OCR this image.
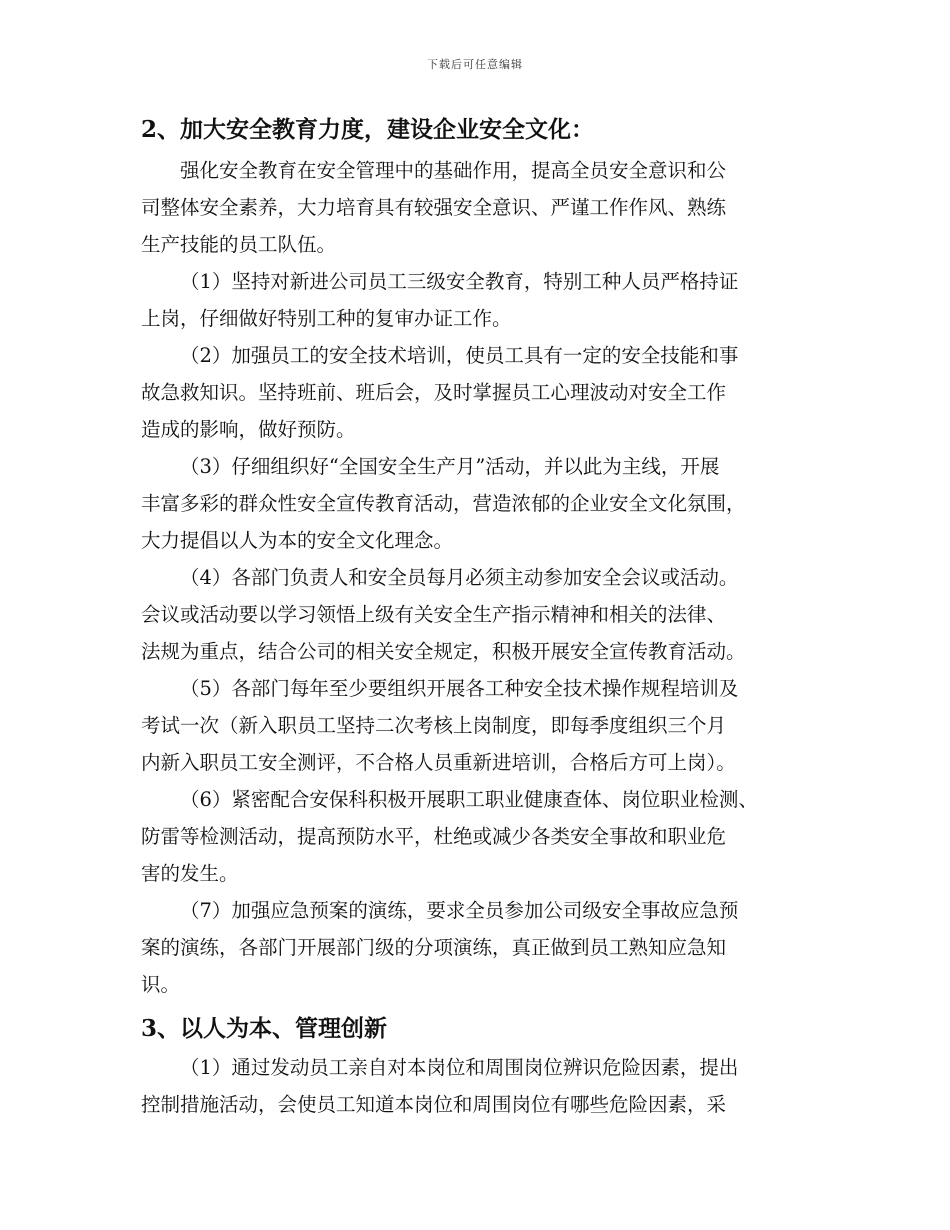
下载后可任意编辑
2、加大安全教育力度，建设企业安全文化：

强化安全教育在安全管理中的基础作用，提高全员安全意识和公
司整体安全素养，大力培育具有较强安全意识、严谨工作作风、熟练
生产技能的员工队伍。

（1）坚持对新进公司员工三级安全教育，特别工种人员严格持证
上岗，仔细做好特别工种的复审办证工作。

（2）加强员工的安全技术培训，使员工具有一定的安全技能和事
故急救知识。坚持班前、班后会，及时掌握员工心理波动对安全工作
造成的影响，做好预防。

（3）仔细组织好“全国安全生产月”活动，并以此为主线，开展
丰富多彩的群众性安全宣传教育活动，营造浓郁的企业安全文化氛围，
大力提倡以人为本的安全文化理念。

（4）各部门负责人和安全员每月必须主动参加安全会议或活动。
会议或活动要以学习领悟上级有关安全生产指示精神和相关的法律、
法规为重点，结合公司的相关安全规定，积极开展安全宣传教育活动。

（5）各部门每年至少要组织开展各工种安全技术操作规程培训及
考试一次（新入职员工坚持二次考核上岗制度，即每季度组织三个月
内新入职员工安全测评，不合格人员重新进培训，合格后方可上岗）。

（6）紧密配合安保科积极开展职工职业健康查体、岗位职业检测、
防雷等检测活动，提高预防水平，杜绝或减少各类安全事故和职业危
害的发生。

（7）加强应急预案的演练，要求全员参加公司级安全事故应急预
案的演练，各部门开展部门级的分项演练，真正做到员工熟知应急知
识。

3、以人为本、管理创新

（1）通过发动员工亲自对本岗位和周围岗位辨识危险因素，提出
控制措施活动，会使员工知道本岗位和周围岗位有哪些危险因素，采
